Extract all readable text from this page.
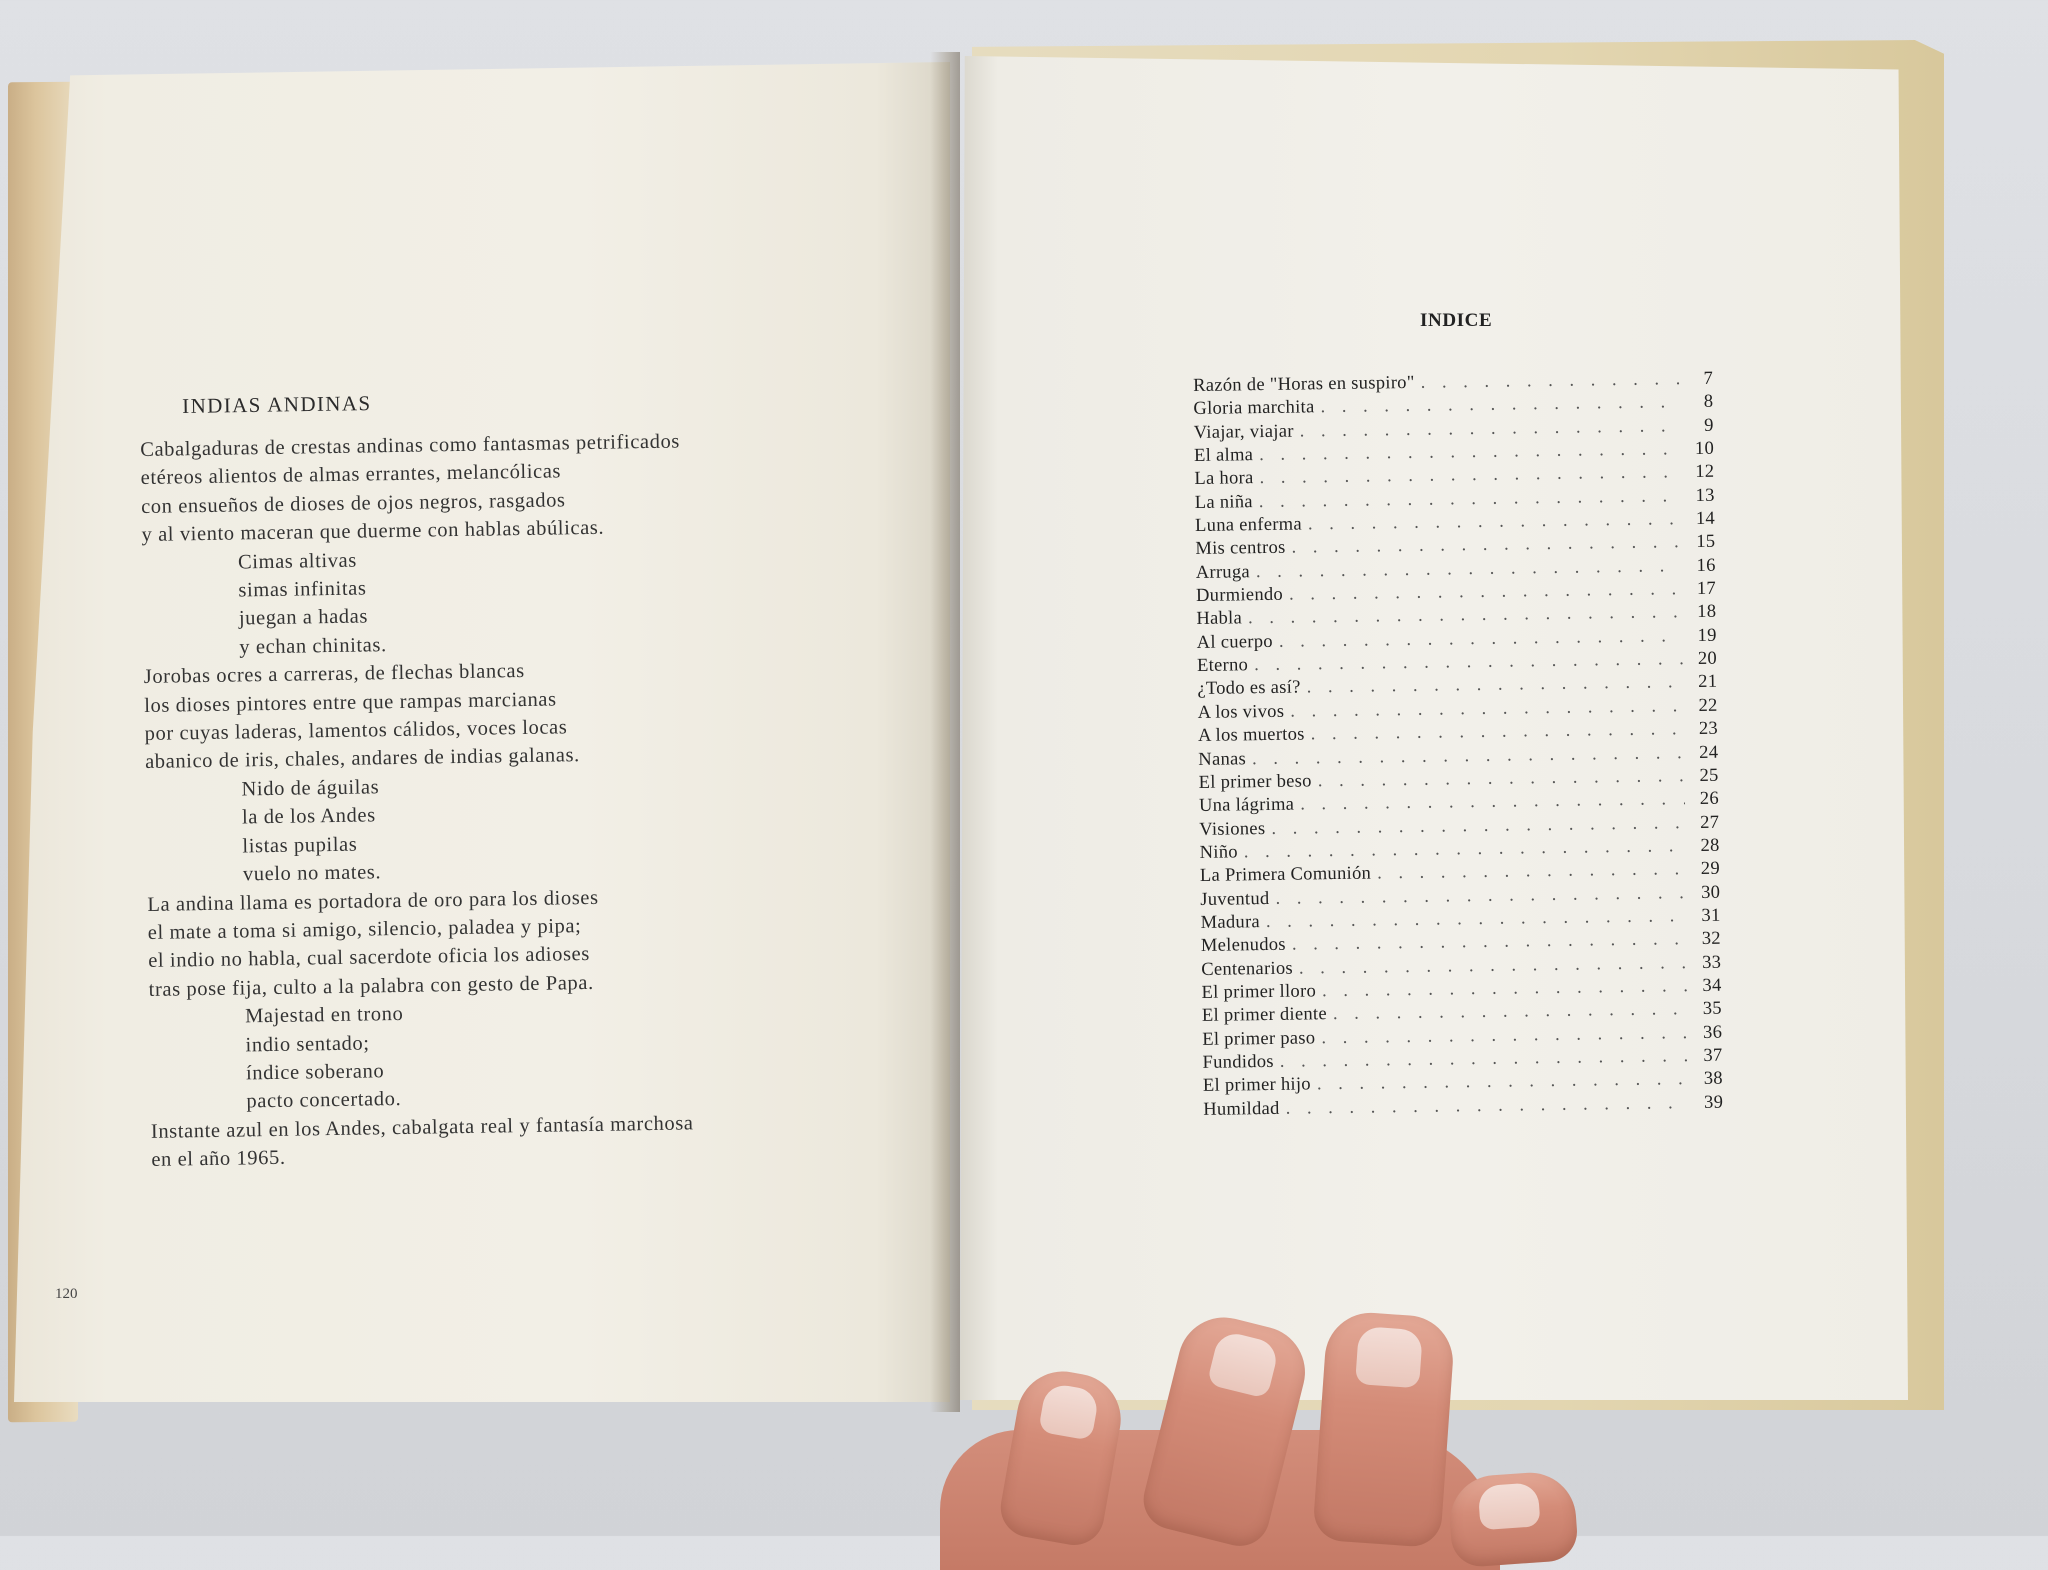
INDIAS ANDINAS
Cabalgaduras de crestas andinas como fantasmas petrificados
etéreos alientos de almas errantes, melancólicas
con ensueños de dioses de ojos negros, rasgados
y al viento maceran que duerme con hablas abúlicas.
Cimas altivas
simas infinitas
juegan a hadas
y echan chinitas.
Jorobas ocres a carreras, de flechas blancas
los dioses pintores entre que rampas marcianas
por cuyas laderas, lamentos cálidos, voces locas
abanico de iris, chales, andares de indias galanas.
Nido de águilas
la de los Andes
listas pupilas
vuelo no mates.
La andina llama es portadora de oro para los dioses
el mate a toma si amigo, silencio, paladea y pipa;
el indio no habla, cual sacerdote oficia los adioses
tras pose fija, culto a la palabra con gesto de Papa.
Majestad en trono
indio sentado;
índice soberano
pacto concertado.
Instante azul en los Andes, cabalgata real y fantasía marchosa
en el año 1965.
120
INDICE
Razón de "Horas en suspiro" . . .	7
Gloria marchita . . .	8
Viajar, viajar . . .	9
El alma . . .	10
La hora . . .	12
La niña . . .	13
Luna enferma . . .	14
Mis centros . . .	15
Arruga . . .	16
Durmiendo . . .	17
Habla . . .	18
Al cuerpo . . .	19
Eterno . . .	20
¿Todo es así? . . .	21
A los vivos . . .	22
A los muertos . . .	23
Nanas . . .	24
El primer beso . . .	25
Una lágrima . . .	26
Visiones . . .	27
Niño . . .	28
La Primera Comunión . . .	29
Juventud . . .	30
Madura . . .	31
Melenudos . . .	32
Centenarios . . .	33
El primer lloro . . .	34
El primer diente . . .	35
El primer paso . . .	36
Fundidos . . .	37
El primer hijo . . .	38
Humildad . . .	39
